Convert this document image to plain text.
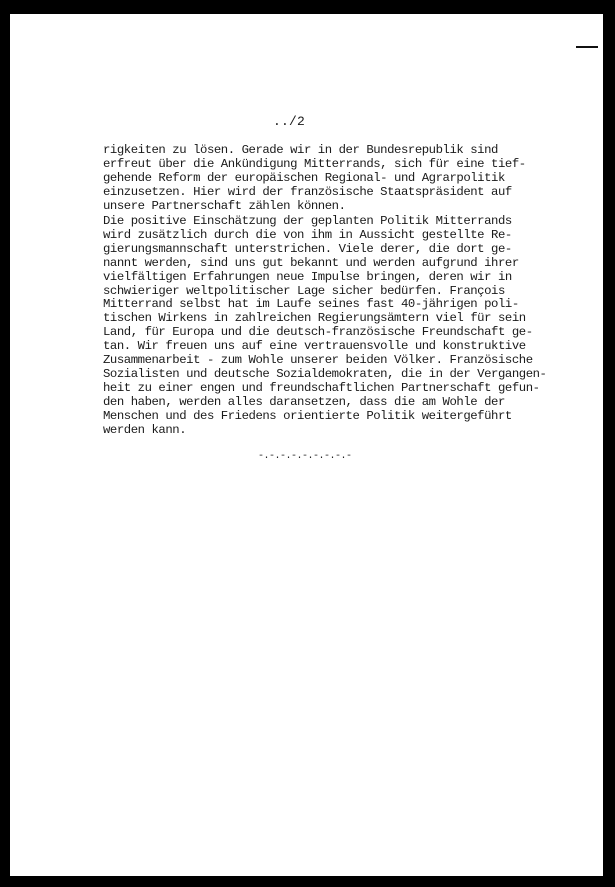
../2

rigkeiten zu lösen. Gerade wir in der Bundesrepublik sind
erfreut über die Ankündigung Mitterrands, sich für eine tief-
gehende Reform der europäischen Regional- und Agrarpolitik
einzusetzen. Hier wird der französische Staatspräsident auf
unsere Partnerschaft zählen können.
Die positive Einschätzung der geplanten Politik Mitterrands
wird zusätzlich durch die von ihm in Aussicht gestellte Re-
gierungsmannschaft unterstrichen. Viele derer, die dort ge-
nannt werden, sind uns gut bekannt und werden aufgrund ihrer
vielfältigen Erfahrungen neue Impulse bringen, deren wir in
schwieriger weltpolitischer Lage sicher bedürfen. François
Mitterrand selbst hat im Laufe seines fast 40-jährigen poli-
tischen Wirkens in zahlreichen Regierungsämtern viel für sein
Land, für Europa und die deutsch-französische Freundschaft ge-
tan. Wir freuen uns auf eine vertrauensvolle und konstruktive
Zusammenarbeit - zum Wohle unserer beiden Völker. Französische
Sozialisten und deutsche Sozialdemokraten, die in der Vergangen-
heit zu einer engen und freundschaftlichen Partnerschaft gefun-
den haben, werden alles daransetzen, dass die am Wohle der
Menschen und des Friedens orientierte Politik weitergeführt
werden kann.

-.-.-.-.-.-.-.-.-
